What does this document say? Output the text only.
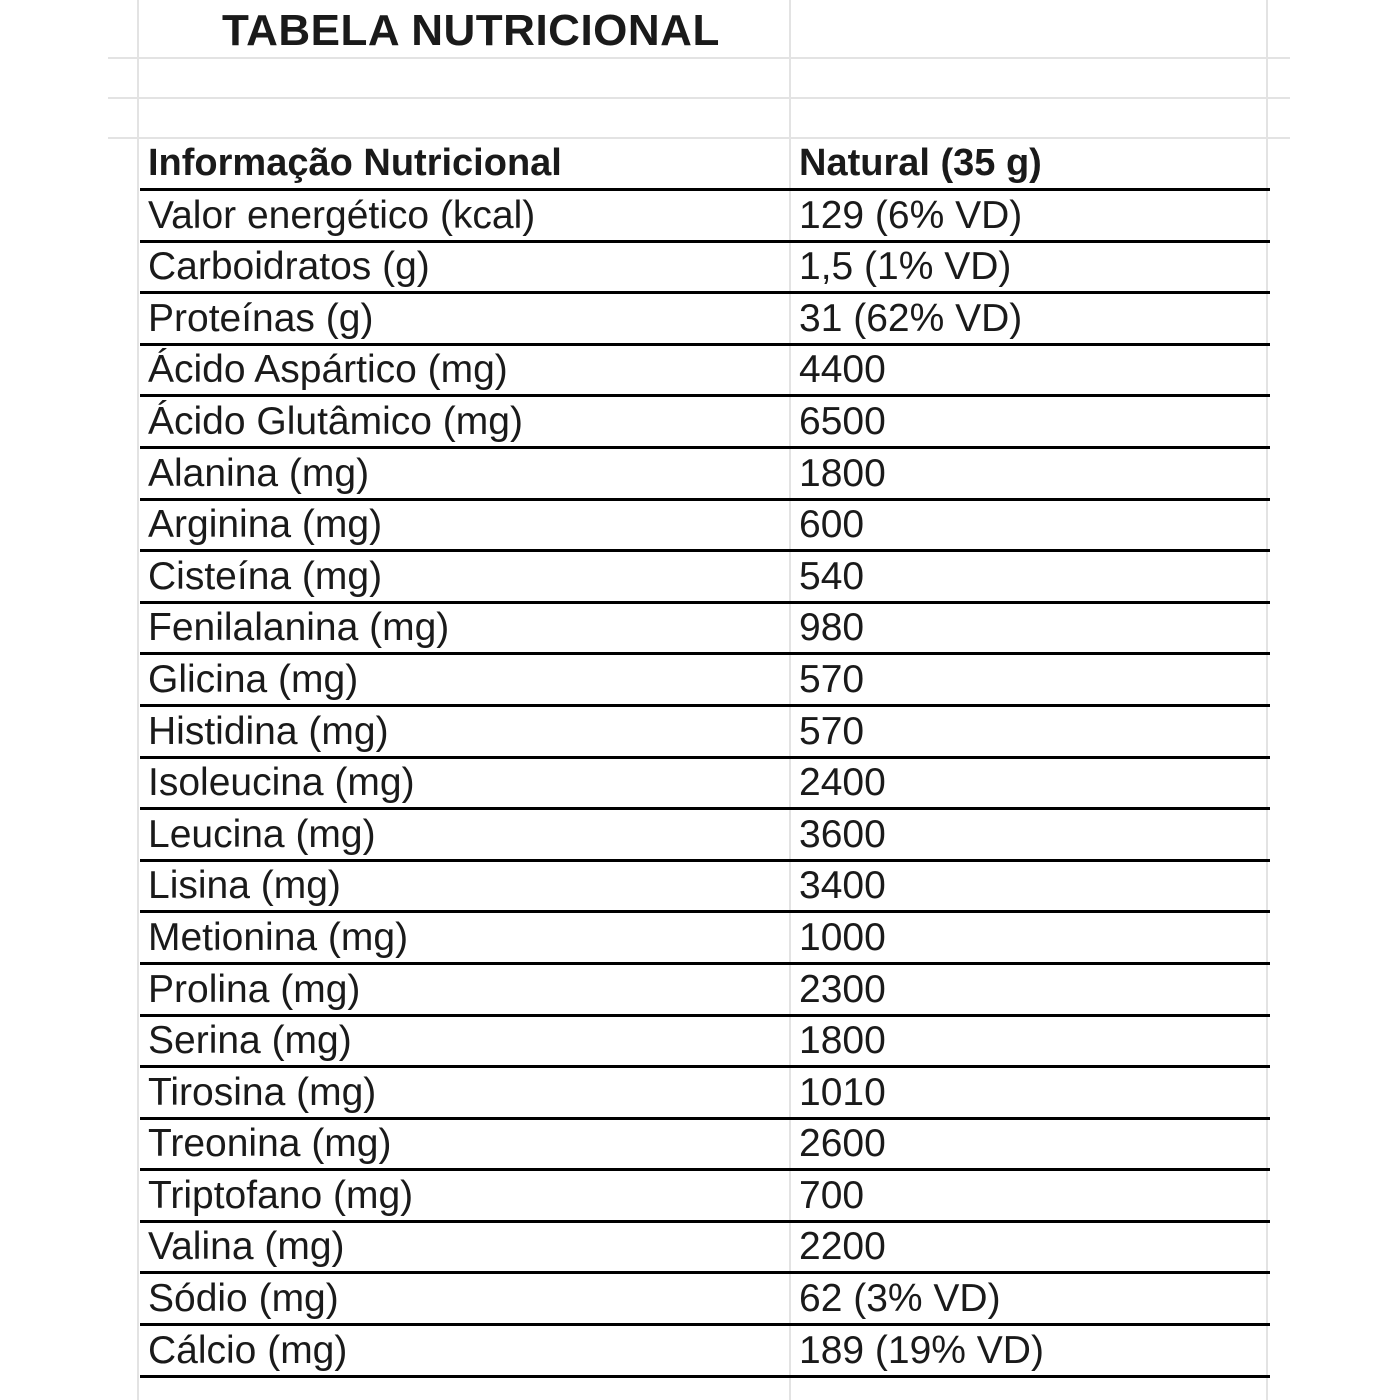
TABELA NUTRICIONAL
Informação Nutricional	Natural (35 g)
Valor energético (kcal)	129 (6% VD)
Carboidratos (g)	1,5 (1% VD)
Proteínas (g)	31 (62% VD)
Ácido Aspártico (mg)	4400
Ácido Glutâmico (mg)	6500
Alanina (mg)	1800
Arginina (mg)	600
Cisteína (mg)	540
Fenilalanina (mg)	980
Glicina (mg)	570
Histidina (mg)	570
Isoleucina (mg)	2400
Leucina (mg)	3600
Lisina (mg)	3400
Metionina (mg)	1000
Prolina (mg)	2300
Serina (mg)	1800
Tirosina (mg)	1010
Treonina (mg)	2600
Triptofano (mg)	700
Valina (mg)	2200
Sódio (mg)	62 (3% VD)
Cálcio (mg)	189 (19% VD)
